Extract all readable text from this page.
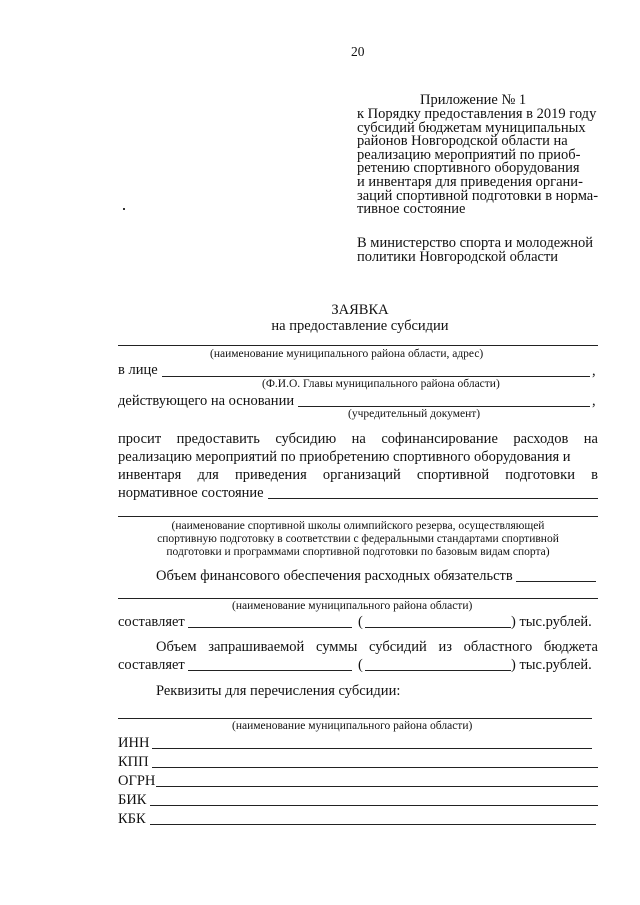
20
Приложение № 1
к Порядку предоставления в 2019 году
субсидий бюджетам муниципальных
районов Новгородской области на
реализацию мероприятий по приоб-
ретению спортивного оборудования
и инвентаря для приведения органи-
заций спортивной подготовки в норма-
тивное состояние
В министерство спорта и молодежной
политики Новгородской области
ЗАЯВКА
на предоставление субсидии
(наименование муниципального района области, адрес)
в лице	,
(Ф.И.О. Главы муниципального района области)
действующего на основании	,
(учредительный документ)
просит предоставить субсидию на софинансирование расходов на
реализацию мероприятий по приобретению спортивного оборудования и
инвентаря для приведения организаций спортивной подготовки в
нормативное состояние
(наименование спортивной школы олимпийского резерва, осуществляющей
спортивную подготовку в соответствии с федеральными стандартами спортивной
подготовки и программами спортивной подготовки по базовым видам спорта)
Объем финансового обеспечения расходных обязательств
(наименование муниципального района области)
составляет	(	) тыс.рублей.
Объем запрашиваемой суммы субсидий из областного бюджета
составляет	(	) тыс.рублей.
Реквизиты для перечисления субсидии:
(наименование муниципального района области)
ИНН
КПП
ОГРН
БИК
КБК
